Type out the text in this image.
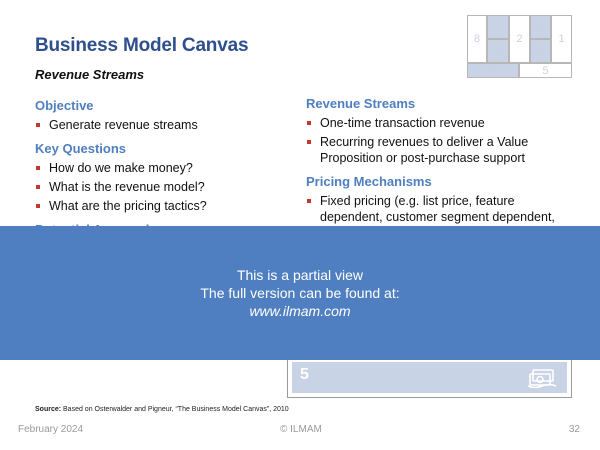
Business Model Canvas
Revenue Streams
8
7
6
2
4
3
1
9	5
Objective
Generate revenue streams
Key Questions
How do we make money?
What is the revenue model?
What are the pricing tactics?
Revenue Streams
One-time transaction revenue
Recurring revenues to deliver a Value Proposition or post-purchase support
Pricing Mechanisms
Fixed pricing (e.g. list price, feature dependent, customer segment dependent,
This is a partial view
The full version can be found at:
www.ilmam.com
5
Source: Based on Osterwalder and Pigneur, “The Business Model Canvas”, 2010
February 2024	© ILMAM	32
